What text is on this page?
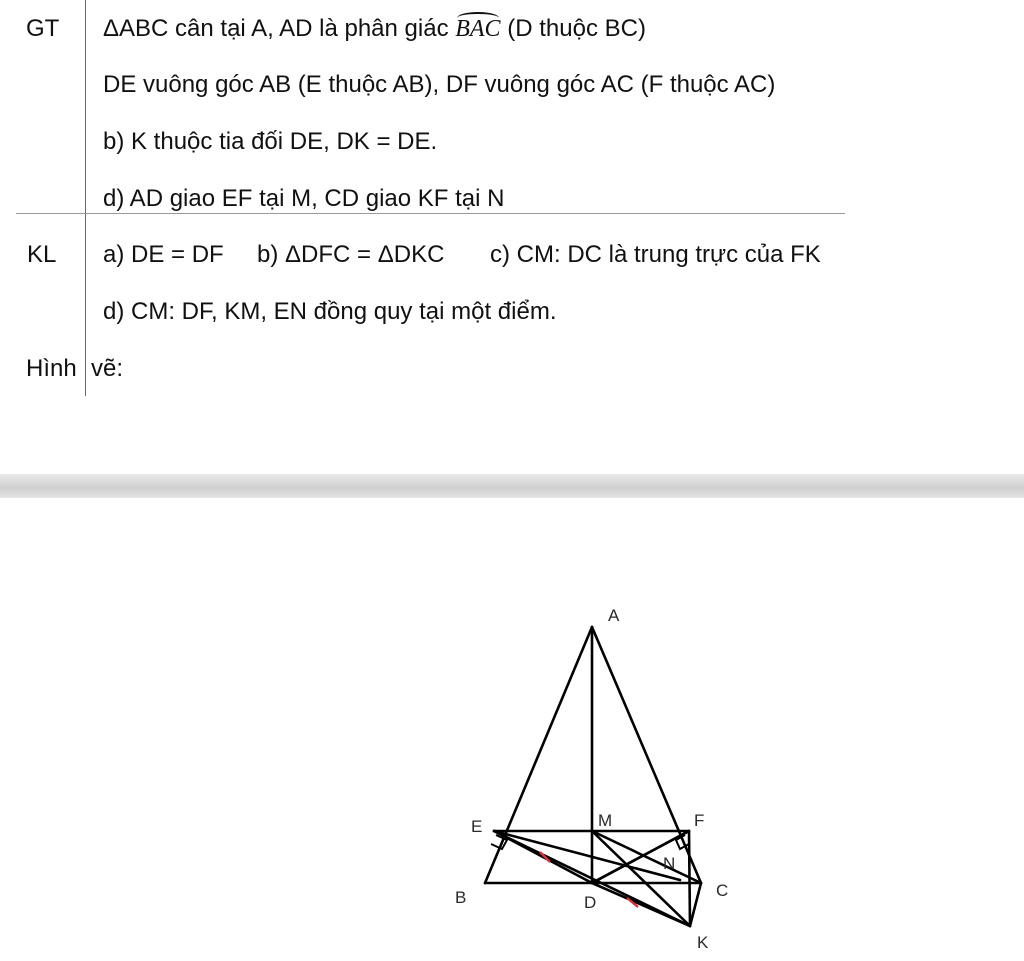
GT ΔABC cân tại A, AD là phân giác BAC (D thuộc BC)
DE vuông góc AB (E thuộc AB), DF vuông góc AC (F thuộc AC)
b) K thuộc tia đối DE, DK = DE.
d) AD giao EF tại M, CD giao KF tại N
KL a) DE = DF b) ΔDFC = ΔDKC c) CM: DC là trung trực của FK
d) CM: DF, KM, EN đồng quy tại một điểm.
Hình vẽ:
A
E	M	F
N
B	D
C
K
